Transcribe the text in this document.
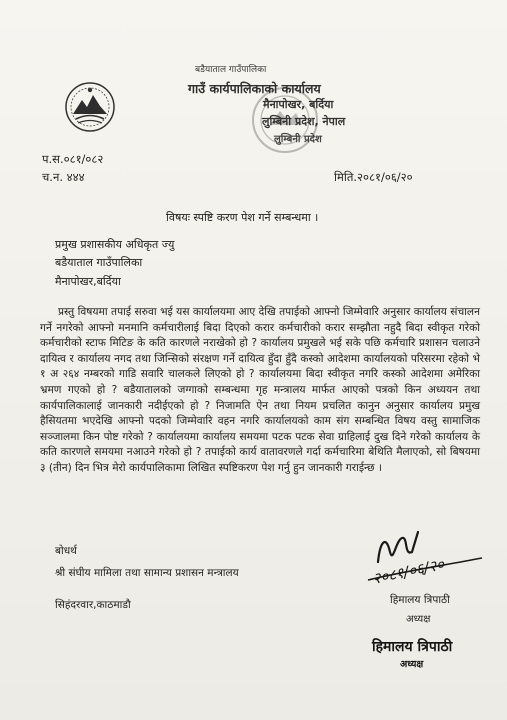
बडैयाताल गाउँपालिका
गाउँ कार्यपालिकाको कार्यालय
मैनापोखर, बर्दिया
लुम्बिनी प्रदेश, नेपाल
लुम्बिनी प्रदेश
प.स.०८१/०८२
च.न. ४४४	मिति.२०८१/०६/२०
विषयः स्पष्टि करण पेश गर्ने सम्बन्धमा ।
प्रमुख प्रशासकीय अधिकृत ज्यु
बडैयाताल गाउँपालिका
मैनापोखर,बर्दिया

प्रस्तु विषयमा तपाई सरुवा भई यस कार्यालयमा आए देखि तपाईको आफ्नो जिम्मेवारि अनुसार कार्यालय संचालन गर्ने नगरेको आफ्नो मनमानि कर्मचारीलाई बिदा दिएको करार कर्मचारीको करार सम्झौता नहुदै बिदा स्वीकृत गरेको कर्मचारीको स्टाफ मिटिङ के कति कारणले नराखेको हो ? कार्यालय प्रमुखले भई सके पछि कर्मचारि प्रशासन चलाउने दायित्व र कार्यालय नगद तथा जिन्सिको संरक्षण गर्ने दायित्व हुँदा हुँदै कस्को आदेशमा कार्यालयको परिसरमा रहेको भे १ अ २६४ नम्बरको गाडि सवारि चालकले लिएको हो ? कार्यालयमा बिदा स्वीकृत नगरि कस्को आदेशमा अमेरिका भ्रमण गएको हो ? बडैयातालको जग्गाको सम्बन्धमा गृह मन्त्रालय मार्फत आएको पत्रको किन अध्ययन तथा कार्यपालिकालाई जानकारी नदीईएको हो ? निजामति ऐन तथा नियम प्रचलित कानुन अनुसार कार्यालय प्रमुख हैसियतमा भएदेखि आफ्नो पदको जिम्मेवारि वहन नगरि कार्यालयको काम संग सम्बन्धित विषय वस्तु सामाजिक सञ्जालमा किन पोष्ट गरेको ? कार्यालयमा कार्यालय समयमा पटक पटक सेवा ग्राहिलाई दुख दिने गरेको कार्यालय के कति कारणले समयमा नआउने गरेको हो ? तपाईको कार्य वातावरणले गर्दा कर्मचारिमा बेथिति मैलाएको, सो बिषयमा ३ (तीन) दिन भित्र मेरो कार्यपालिकामा लिखित स्पष्टिकरण पेश गर्नु हुन जानकारी गराईन्छ ।

बोधर्थ
श्री संघीय मामिला तथा सामान्य प्रशासन मन्त्रालय
सिहंदरवार,काठमाडौ
२०८१/०६/२०
हिमालय त्रिपाठी
अध्यक्ष
हिमालय त्रिपाठी
अध्यक्ष
